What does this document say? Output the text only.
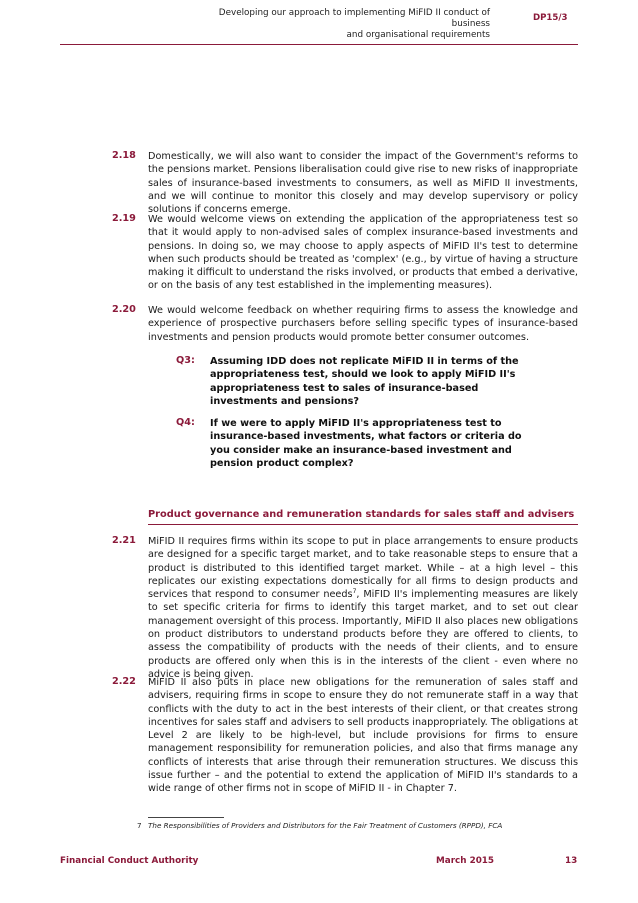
Developing our approach to implementing MiFID II conduct of business
and organisational requirements
DP15/3
2.18 Domestically, we will also want to consider the impact of the Government's reforms to the pensions market. Pensions liberalisation could give rise to new risks of inappropriate sales of insurance-based investments to consumers, as well as MiFID II investments, and we will continue to monitor this closely and may develop supervisory or policy solutions if concerns emerge.
2.19 We would welcome views on extending the application of the appropriateness test so that it would apply to non-advised sales of complex insurance-based investments and pensions. In doing so, we may choose to apply aspects of MiFID II's test to determine when such products should be treated as 'complex' (e.g., by virtue of having a structure making it difficult to understand the risks involved, or products that embed a derivative, or on the basis of any test established in the implementing measures).
2.20 We would welcome feedback on whether requiring firms to assess the knowledge and experience of prospective purchasers before selling specific types of insurance-based investments and pension products would promote better consumer outcomes.
Q3: Assuming IDD does not replicate MiFID II in terms of the appropriateness test, should we look to apply MiFID II's appropriateness test to sales of insurance-based investments and pensions?
Q4: If we were to apply MiFID II's appropriateness test to insurance-based investments, what factors or criteria do you consider make an insurance-based investment and pension product complex?
Product governance and remuneration standards for sales staff and advisers
2.21 MiFID II requires firms within its scope to put in place arrangements to ensure products are designed for a specific target market, and to take reasonable steps to ensure that a product is distributed to this identified target market. While – at a high level – this replicates our existing expectations domestically for all firms to design products and services that respond to consumer needs$^7$, MiFID II's implementing measures are likely to set specific criteria for firms to identify this target market, and to set out clear management oversight of this process. Importantly, MiFID II also places new obligations on product distributors to understand products before they are offered to clients, to assess the compatibility of products with the needs of their clients, and to ensure products are offered only when this is in the interests of the client - even where no advice is being given.
2.22 MiFID II also puts in place new obligations for the remuneration of sales staff and advisers, requiring firms in scope to ensure they do not remunerate staff in a way that conflicts with the duty to act in the best interests of their client, or that creates strong incentives for sales staff and advisers to sell products inappropriately. The obligations at Level 2 are likely to be high-level, but include provisions for firms to ensure management responsibility for remuneration policies, and also that firms manage any conflicts of interests that arise through their remuneration structures. We discuss this issue further – and the potential to extend the application of MiFID II's standards to a wide range of other firms not in scope of MiFID II - in Chapter 7.
7 The Responsibilities of Providers and Distributors for the Fair Treatment of Customers (RPPD), FCA
Financial Conduct Authority	March 2015	13
